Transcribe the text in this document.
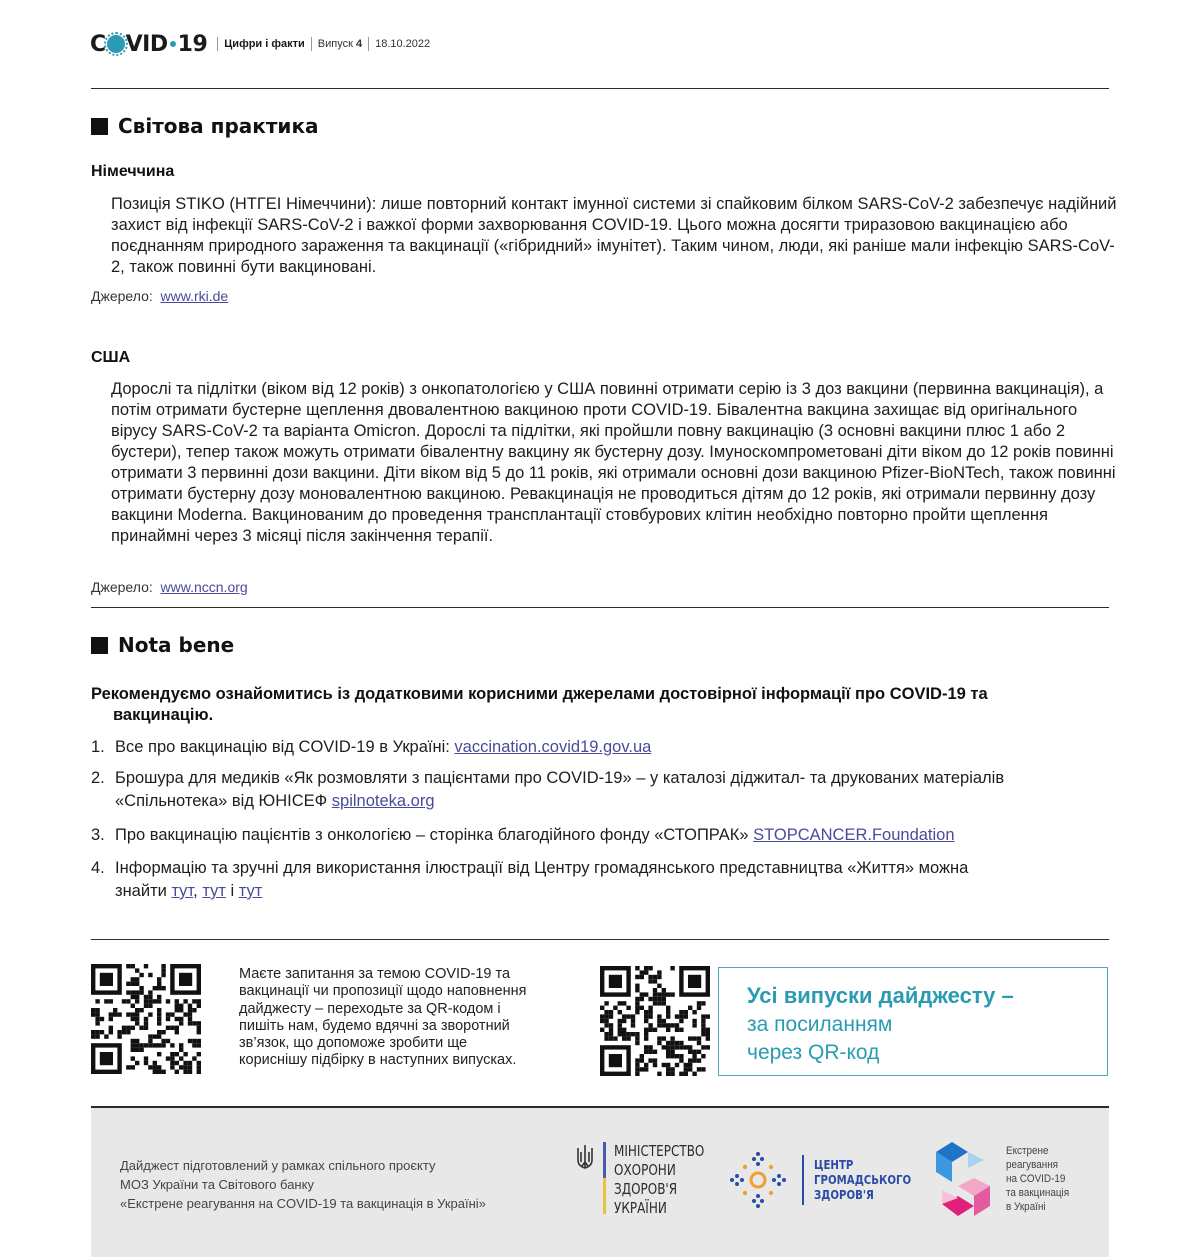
C VID 19 Цифри і факти Випуск 4 18.10.2022
Світова практика
Німеччина
Позиція STIKO (НТГЕІ Німеччини): лише повторний контакт імунної системи зі спайковим білком SARS-CoV-2 забезпечує надійний захист від інфекції SARS-CoV-2 і важкої форми захворювання COVID-19. Цього можна досягти триразовою вакцинацією або поєднанням природного зараження та вакцинації («гібридний» імунітет). Таким чином, люди, які раніше мали інфекцію SARS-CoV-2, також повинні бути вакциновані.
Джерело: www.rki.de
США
Дорослі та підлітки (віком від 12 років) з онкопатологією у США повинні отримати серію із 3 доз вакцини (первинна вакцинація), а потім отримати бустерне щеплення двовалентною вакциною проти COVID-19. Бівалентна вакцина захищає від оригінального вірусу SARS-CoV-2 та варіанта Omicron. Дорослі та підлітки, які пройшли повну вакцинацію (3 основні вакцини плюс 1 або 2 бустери), тепер також можуть отримати бівалентну вакцину як бустерну дозу. Імуноскомпрометовані діти віком до 12 років повинні отримати 3 первинні дози вакцини. Діти віком від 5 до 11 років, які отримали основні дози вакциною Pfizer-BioNTech, також повинні отримати бустерну дозу моновалентною вакциною. Ревакцинація не проводиться дітям до 12 років, які отримали первинну дозу вакцини Moderna. Вакцинованим до проведення трансплантації стовбурових клітин необхідно повторно пройти щеплення принаймні через 3 місяці після закінчення терапії.
Джерело: www.nccn.org
Nota bene
Рекомендуємо ознайомитись із додатковими корисними джерелами достовірної інформації про COVID-19 та
вакцинацію.
1. Все про вакцинацію від COVID-19 в Україні: vaccination.covid19.gov.ua
2. Брошура для медиків «Як розмовляти з пацієнтами про COVID-19» – у каталозі діджитал- та друкованих матеріалів
«Спільнотека» від ЮНІСЕФ spilnoteka.org
3. Про вакцинацію пацієнтів з онкологією – сторінка благодійного фонду «СТОПРАК» STOPCANCER.Foundation
4. Інформацію та зручні для використання ілюстрації від Центру громадянського представництва «Життя» можна
знайти тут, тут і тут
Маєте запитання за темою COVID-19 та
вакцинації чи пропозиції щодо наповнення
дайджесту – переходьте за QR-кодом і
пишіть нам, будемо вдячні за зворотний
зв’язок, що допоможе зробити ще
кориснішу підбірку в наступних випусках.
Усі випуски дайджесту –
за посиланням
через QR-код
Дайджест підготовлений у рамках спільного проєкту
МОЗ України та Світового банку
«Екстрене реагування на COVID-19 та вакцинація в Україні»
МІНІСТЕРСТВО
ОХОРОНИ
ЗДОРОВ'Я
УКРАЇНИ
ЦЕНТР
ГРОМАДСЬКОГО
ЗДОРОВ'Я
Екстрене
реагування
на COVID-19
та вакцинація
в Україні
